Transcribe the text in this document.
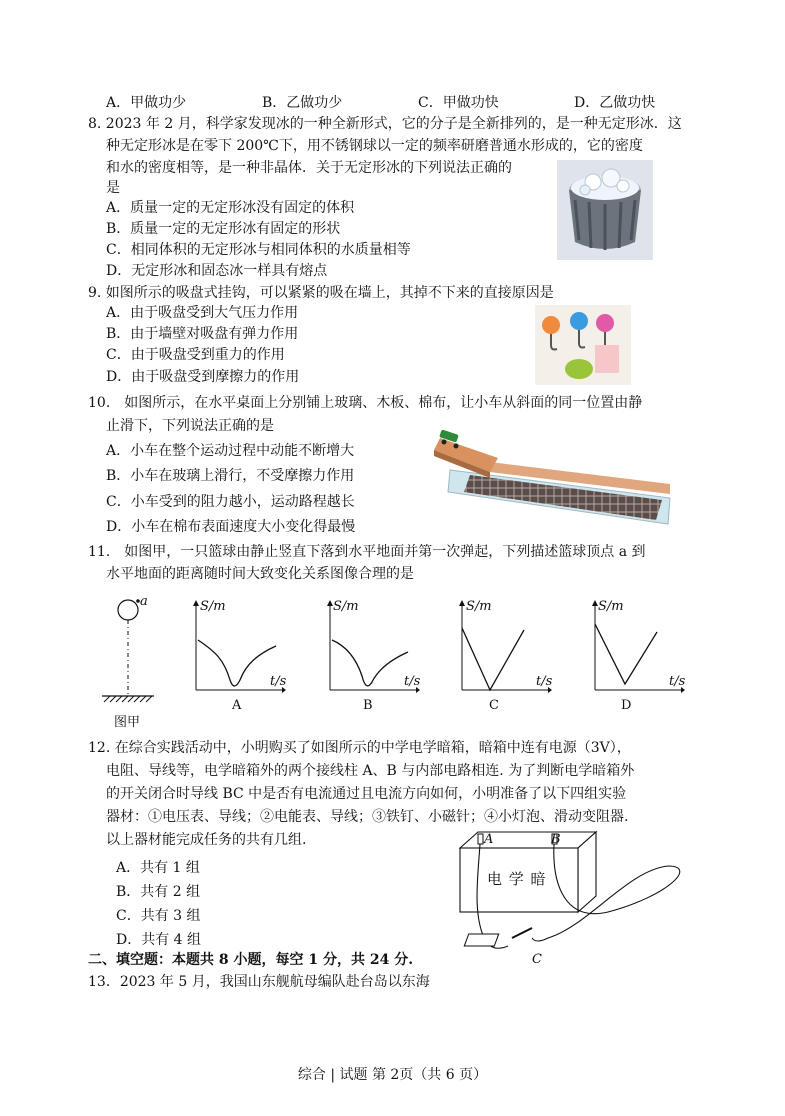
A．甲做功少	B．乙做功少	C．甲做功快	D．乙做功快
8. 2023 年 2 月，科学家发现冰的一种全新形式，它的分子是全新排列的，是一种无定形冰．这
种无定形冰是在零下 200℃下，用不锈钢球以一定的频率研磨普通水形成的，它的密度
和水的密度相等，是一种非晶体．关于无定形冰的下列说法正确的
是
A．质量一定的无定形冰没有固定的体积
B．质量一定的无定形冰有固定的形状
C．相同体积的无定形冰与相同体积的水质量相等
D．无定形冰和固态冰一样具有熔点
9. 如图所示的吸盘式挂钩，可以紧紧的吸在墙上，其掉不下来的直接原因是
A．由于吸盘受到大气压力作用
B．由于墙壁对吸盘有弹力作用
C．由于吸盘受到重力的作用
D．由于吸盘受到摩擦力的作用
10.　如图所示，在水平桌面上分别铺上玻璃、木板、棉布，让小车从斜面的同一位置由静
止滑下，下列说法正确的是
A．小车在整个运动过程中动能不断增大
B．小车在玻璃上滑行，不受摩擦力作用
C．小车受到的阻力越小，运动路程越长
D．小车在棉布表面速度大小变化得最慢
11.　如图甲，一只篮球由静止竖直下落到水平地面并第一次弹起，下列描述篮球顶点 a 到
水平地面的距离随时间大致变化关系图像合理的是
a
图甲
S/m	S/m	S/m	S/m
t/s	t/s	t/s	t/s
A	B	C	D
12. 在综合实践活动中，小明购买了如图所示的中学电学暗箱，暗箱中连有电源（3V），
电阻、导线等，电学暗箱外的两个接线柱 A、B 与内部电路相连. 为了判断电学暗箱外
的开关闭合时导线 BC 中是否有电流通过且电流方向如何，小明准备了以下四组实验
器材：①电压表、导线；②电能表、导线；③铁钉、小磁针；④小灯泡、滑动变阻器.
以上器材能完成任务的共有几组.
A．共有 1 组
B．共有 2 组
C．共有 3 组
D．共有 4 组
A	B
电 学 暗
C
二、填空题：本题共 8 小题，每空 1 分，共 24 分.
13．2023 年 5 月，我国山东舰航母编队赴台岛以东海
综合 | 试题 第 2页（共 6 页）
